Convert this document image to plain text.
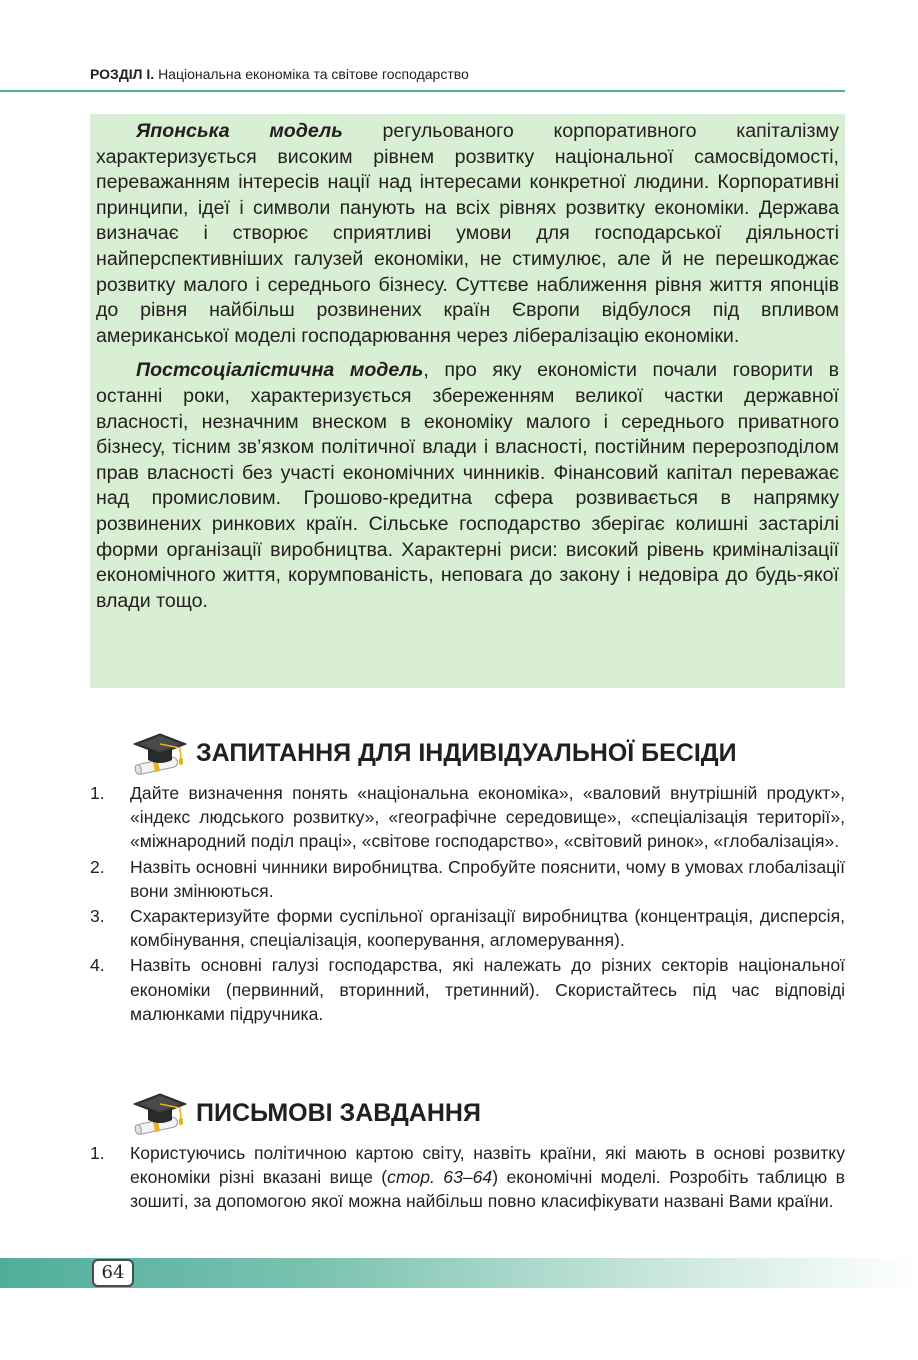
РОЗДІЛ І. Національна економіка та світове господарство

Японська модель регульованого корпоративного капіталізму характеризується високим рівнем розвитку національної самосвідомості, переважанням інтересів нації над інтересами конкретної людини. Корпоративні принципи, ідеї і символи панують на всіх рівнях розвитку економіки. Держава визначає і створює сприятливі умови для господарської діяльності найперспективніших галузей економіки, не стимулює, але й не перешкоджає розвитку малого і середнього бізнесу. Суттєве наближення рівня життя японців до рівня найбільш розвинених країн Європи відбулося під впливом американської моделі господарювання через лібералізацію економіки.

Постсоціалістична модель, про яку економісти почали говорити в останні роки, характеризується збереженням великої частки державної власності, незначним внеском в економіку малого і середнього приватного бізнесу, тісним зв’язком політичної влади і власності, постійним перерозподілом прав власності без участі економічних чинників. Фінансовий капітал переважає над промисловим. Грошово-кредитна сфера розвивається в напрямку розвинених ринкових країн. Сільське господарство зберігає колишні застарілі форми організації виробництва. Характерні риси: високий рівень криміналізації економічного життя, корумпованість, неповага до закону і недовіра до будь-якої влади тощо.

ЗАПИТАННЯ ДЛЯ ІНДИВІДУАЛЬНОЇ БЕСІДИ
1.	Дайте визначення понять «національна економіка», «валовий внутрішній продукт», «індекс людського розвитку», «географічне середовище», «спеціалізація території», «міжнародний поділ праці», «світове господарство», «світовий ринок», «глобалізація».
2.	Назвіть основні чинники виробництва. Спробуйте пояснити, чому в умовах глобалізації вони змінюються.
3.	Схарактеризуйте форми суспільної організації виробництва (концентрація, дисперсія, комбінування, спеціалізація, кооперування, агломерування).
4.	Назвіть основні галузі господарства, які належать до різних секторів національної економіки (первинний, вторинний, третинний). Скористайтесь під час відповіді малюнками підручника.
ПИСЬМОВІ ЗАВДАННЯ
1.	Користуючись політичною картою світу, назвіть країни, які мають в основі розвитку економіки різні вказані вище (стор. 63–64) економічні моделі. Розробіть таблицю в зошиті, за допомогою якої можна найбільш повно класифікувати названі Вами країни.
64
